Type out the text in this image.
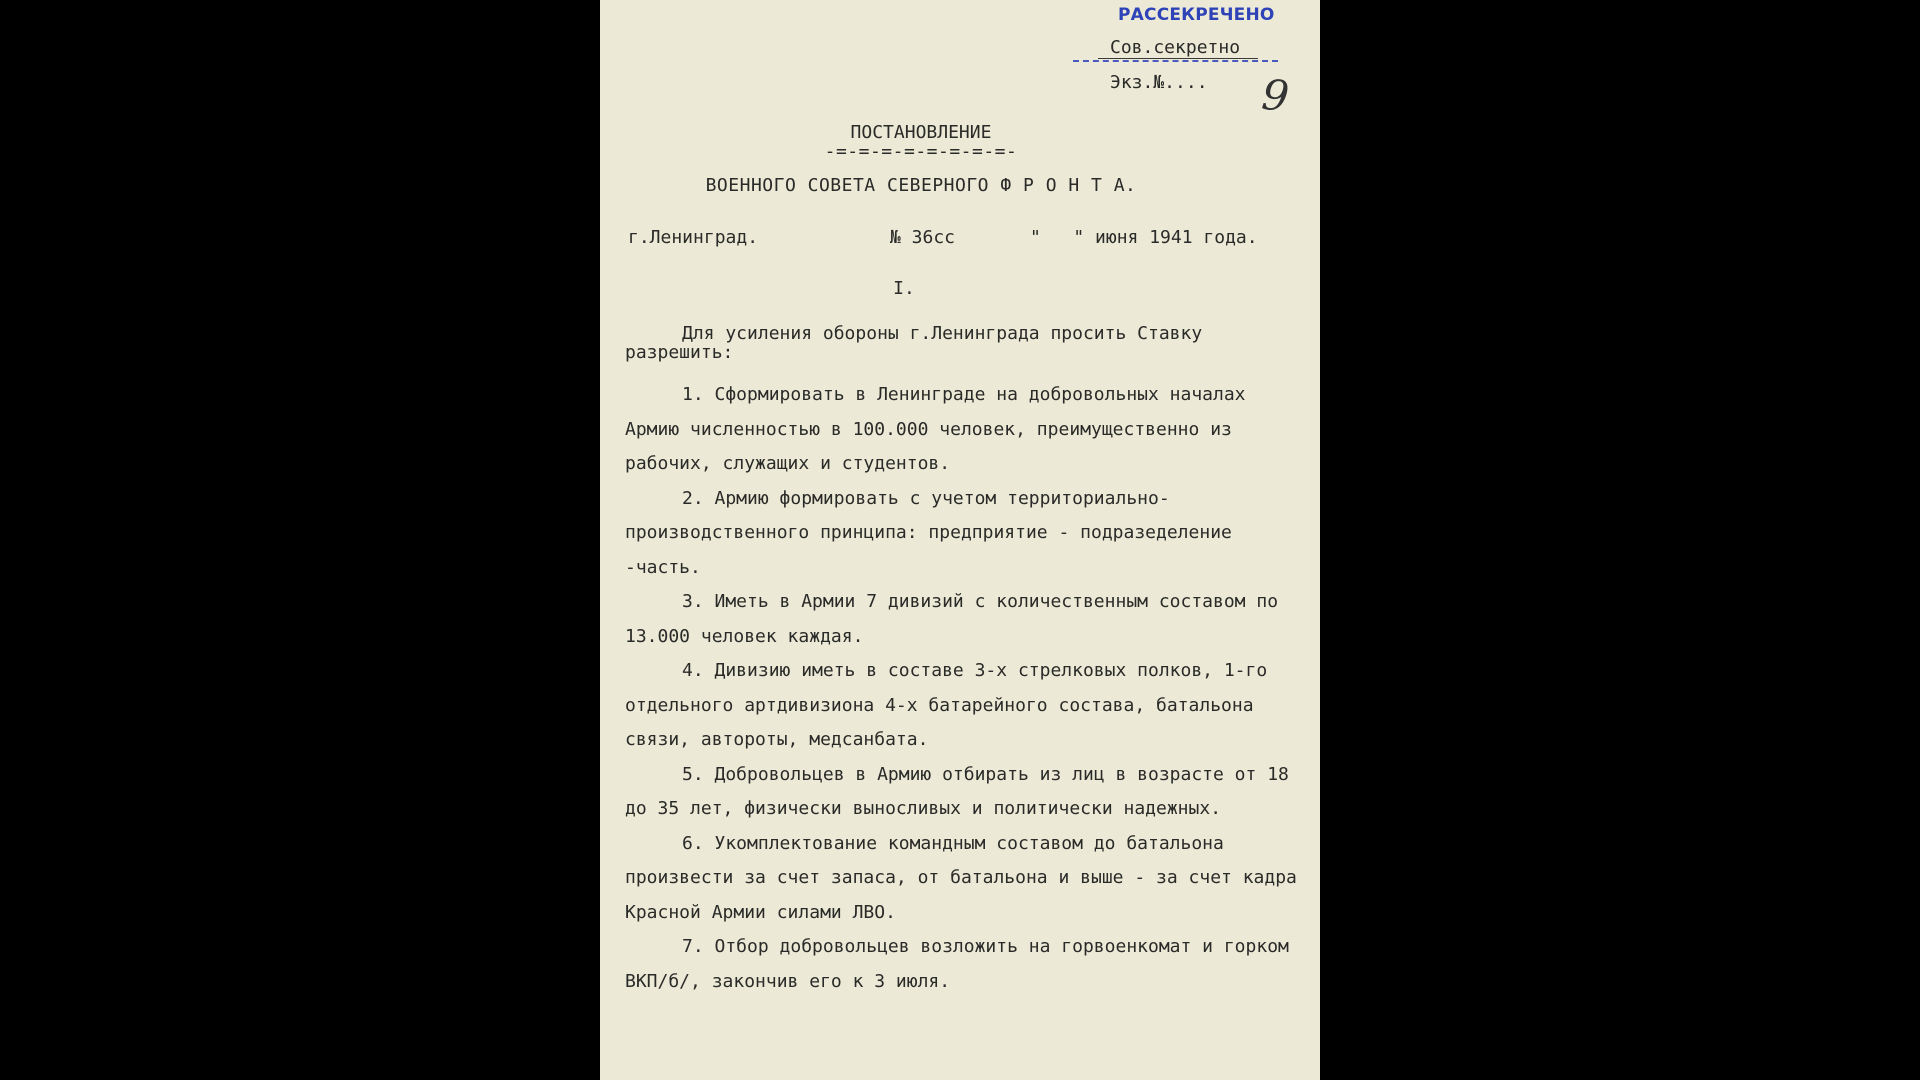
РАССЕКРЕЧЕНО
Сов.секретно
Экз.№.... 9
ПОСТАНОВЛЕНИЕ
-=-=-=-=-=-=-=-=-
ВОЕННОГО СОВЕТА СЕВЕРНОГО Ф Р О Н Т А.
г.Ленинград.	№ 36сс	"   " июня 1941 года.
I.

Для усиления обороны г.Ленинграда просить Ставку разрешить:

1. Сформировать в Ленинграде на добровольных началах Армию численностью в 100.000 человек, преимущественно из рабочих, служащих и студентов.

2. Армию формировать с учетом территориально-производственного принципа: предприятие - подразеделение -часть.

3. Иметь в Армии 7 дивизий с количественным составом по 13.000 человек каждая.

4. Дивизию иметь в составе 3-х стрелковых полков, 1-го отдельного артдивизиона 4-х батарейного состава, батальона связи, автороты, медсанбата.

5. Добровольцев в Армию отбирать из лиц в возрасте от 18 до 35 лет, физически выносливых и политически надежных.

6. Укомплектование командным составом до батальона произвести за счет запаса, от батальона и выше - за счет кадра Красной Армии силами ЛВО.

7. Отбор добровольцев возложить на горвоенкомат и горком ВКП/б/, закончив его к 3 июля.
